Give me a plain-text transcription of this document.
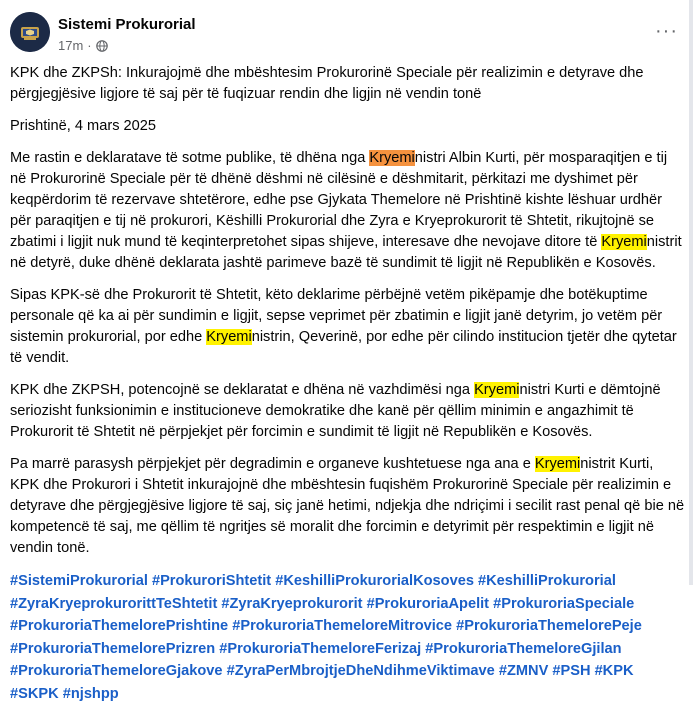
Sistemi Prokurorial
17m ·
···

KPK dhe ZKPSh: Inkurajojmë dhe mbështesim Prokurorinë Speciale për realizimin e detyrave dhe përgjegjësive ligjore të saj për të fuqizuar rendin dhe ligjin në vendin tonë

Prishtinë, 4 mars 2025

Me rastin e deklaratave të sotme publike, të dhëna nga Kryeministri Albin Kurti, për mosparaqitjen e tij në Prokurorinë Speciale për të dhënë dëshmi në cilësinë e dëshmitarit, përkitazi me dyshimet për keqpërdorim të rezervave shtetërore, edhe pse Gjykata Themelore në Prishtinë kishte lëshuar urdhër për paraqitjen e tij në prokurori, Këshilli Prokurorial dhe Zyra e Kryeprokurorit të Shtetit, rikujtojnë se zbatimi i ligjit nuk mund të keqinterpretohet sipas shijeve, interesave dhe nevojave ditore të Kryeministrit në detyrë, duke dhënë deklarata jashtë parimeve bazë të sundimit të ligjit në Republikën e Kosovës.

Sipas KPK-së dhe Prokurorit të Shtetit, këto deklarime përbëjnë vetëm pikëpamje dhe botëkuptime personale që ka ai për sundimin e ligjit, sepse veprimet për zbatimin e ligjit janë detyrim, jo vetëm për sistemin prokurorial, por edhe Kryeministrin, Qeverinë, por edhe për cilindo institucion tjetër dhe qytetar të vendit.

KPK dhe ZKPSH, potencojnë se deklaratat e dhëna në vazhdimësi nga Kryeministri Kurti e dëmtojnë seriozisht funksionimin e institucioneve demokratike dhe kanë për qëllim minimin e angazhimit të Prokurorit të Shtetit në përpjekjet për forcimin e sundimit të ligjit në Republikën e Kosovës.

Pa marrë parasysh përpjekjet për degradimin e organeve kushtetuese nga ana e Kryeministrit Kurti, KPK dhe Prokurori i Shtetit inkurajojnë dhe mbështesin fuqishëm Prokurorinë Speciale për realizimin e detyrave dhe përgjegjësive ligjore të saj, siç janë hetimi, ndjekja dhe ndriçimi i secilit rast penal që bie në kompetencë të saj, me qëllim të ngritjes së moralit dhe forcimin e detyrimit për respektimin e ligjit në vendin tonë.

#SistemiProkurorial #ProkuroriShtetit #KeshilliProkurorialKosoves #KeshilliProkurorial #ZyraKryeprokurorittTeShtetit #ZyraKryeprokurorit #ProkuroriaApelit #ProkuroriaSpeciale #ProkuroriaThemelorePrishtine #ProkuroriaThemeloreMitrovice #ProkuroriaThemelorePeje #ProkuroriaThemelorePrizren #ProkuroriaThemeloreFerizaj #ProkuroriaThemeloreGjilan #ProkuroriaThemeloreGjakove #ZyraPerMbrojtjeDheNdihmeViktimave #ZMNV #PSH #KPK #SKPK #njshpp
